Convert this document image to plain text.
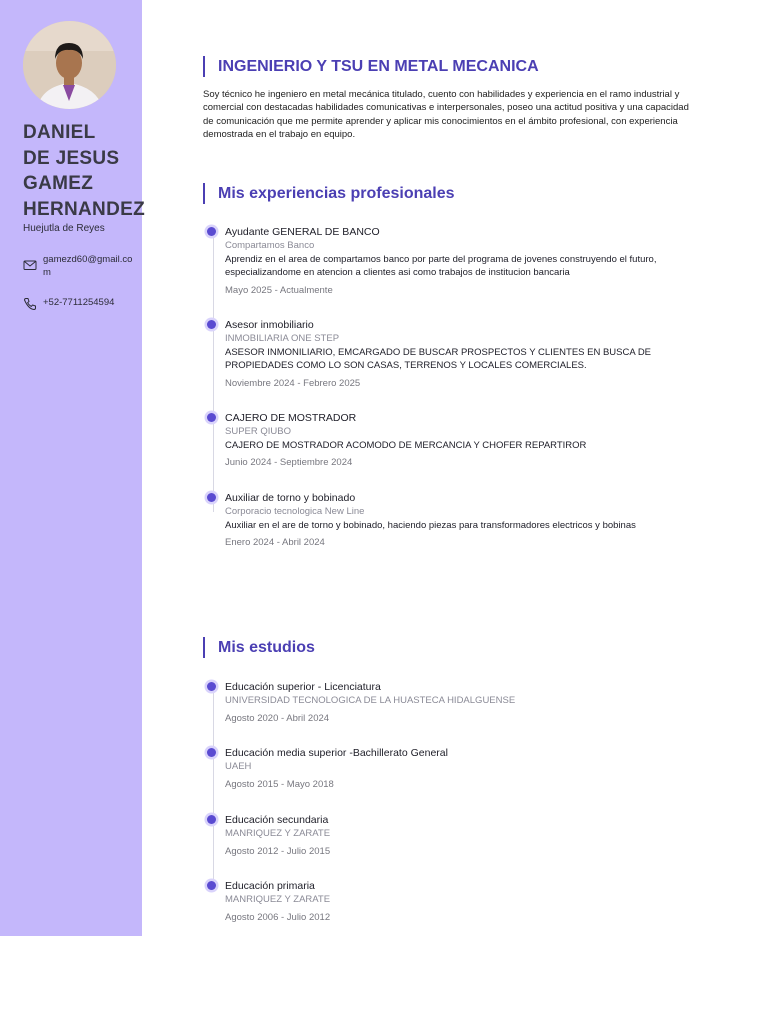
DANIEL
DE JESUS
GAMEZ
HERNANDEZ
Huejutla de Reyes
gamezd60@gmail.com
+52-7711254594
INGENIERIO Y TSU EN METAL MECANICA

Soy técnico he ingeniero en metal mecánica titulado, cuento con habilidades y experiencia en el ramo industrial y comercial con destacadas habilidades comunicativas e interpersonales, poseo una actitud positiva y una capacidad de comunicación que me permite aprender y aplicar mis conocimientos en el ámbito profesional, con experiencia demostrada en el trabajo en equipo.

Mis experiencias profesionales
Ayudante GENERAL DE BANCO
Compartamos Banco
Aprendiz en el area de compartamos banco por parte del programa de jovenes construyendo el futuro, especializandome en atencion a clientes asi como trabajos de institucion bancaria
Mayo 2025 - Actualmente
Asesor inmobiliario
INMOBILIARIA ONE STEP
ASESOR INMONILIARIO, EMCARGADO DE BUSCAR PROSPECTOS Y CLIENTES EN BUSCA DE PROPIEDADES COMO LO SON CASAS, TERRENOS Y LOCALES COMERCIALES.
Noviembre 2024 - Febrero 2025
CAJERO DE MOSTRADOR
SUPER QIUBO
CAJERO DE MOSTRADOR ACOMODO DE MERCANCIA Y CHOFER REPARTIROR
Junio 2024 - Septiembre 2024
Auxiliar de torno y bobinado
Corporacio tecnologica New Line
Auxiliar en el are de torno y bobinado, haciendo piezas para transformadores electricos y bobinas
Enero 2024 - Abril 2024
Mis estudios
Educación superior - Licenciatura
UNIVERSIDAD TECNOLOGICA DE LA HUASTECA HIDALGUENSE
Agosto 2020 - Abril 2024
Educación media superior -Bachillerato General
UAEH
Agosto 2015 - Mayo 2018
Educación secundaria
MANRIQUEZ Y ZARATE
Agosto 2012 - Julio 2015
Educación primaria
MANRIQUEZ Y ZARATE
Agosto 2006 - Julio 2012
